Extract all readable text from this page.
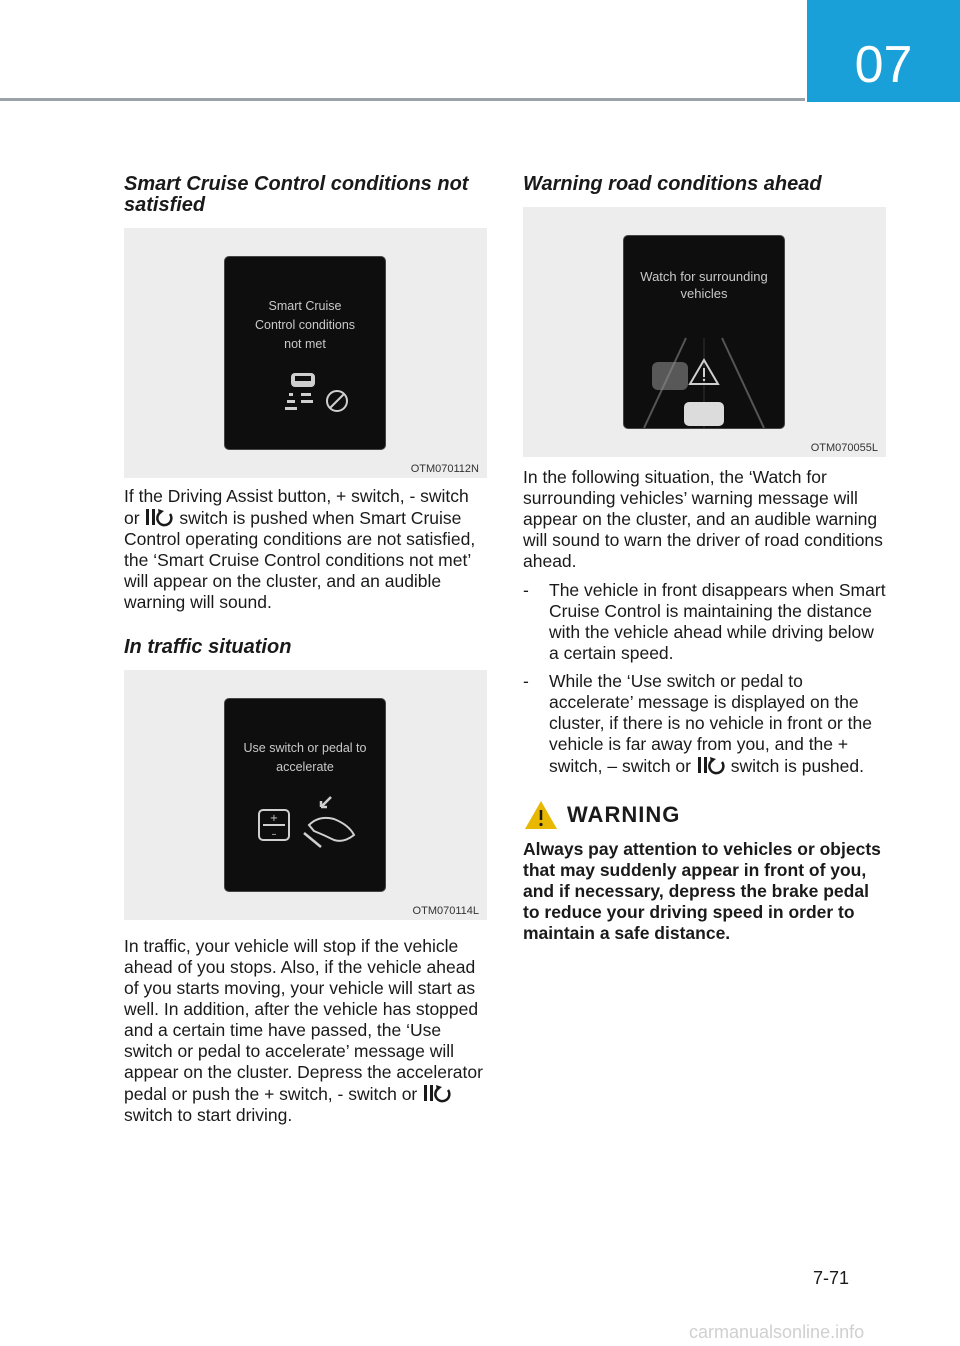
07
Smart Cruise Control conditions not satisfied
Smart Cruise Control conditions not met
OTM070112N

If the Driving Assist button, + switch, - switch or switch is pushed when Smart Cruise Control operating conditions are not satisfied, the ‘Smart Cruise Control conditions not met’ will appear on the cluster, and an audible warning will sound.

In traffic situation
Use switch or pedal to accelerate
+
–
OTM070114L

In traffic, your vehicle will stop if the vehicle ahead of you stops. Also, if the vehicle ahead of you starts moving, your vehicle will start as well. In addition, after the vehicle has stopped and a certain time have passed, the ‘Use switch or pedal to accelerate’ message will appear on the cluster. Depress the accelerator pedal or push the + switch, - switch or  switch to start driving.

Warning road conditions ahead
Watch for surrounding vehicles
OTM070055L

In the following situation, the ‘Watch for surrounding vehicles’ warning message will appear on the cluster, and an audible warning will sound to warn the driver of road conditions ahead.

- The vehicle in front disappears when Smart Cruise Control is maintaining the distance with the vehicle ahead while driving below a certain speed.
- While the ‘Use switch or pedal to accelerate’ message is displayed on the cluster, if there is no vehicle in front or the vehicle is far away from you, and the + switch, – switch or switch is pushed.
WARNING
Always pay attention to vehicles or objects that may suddenly appear in front of you, and if necessary, depress the brake pedal to reduce your driving speed in order to maintain a safe distance.
7-71
carmanualsonline.info
